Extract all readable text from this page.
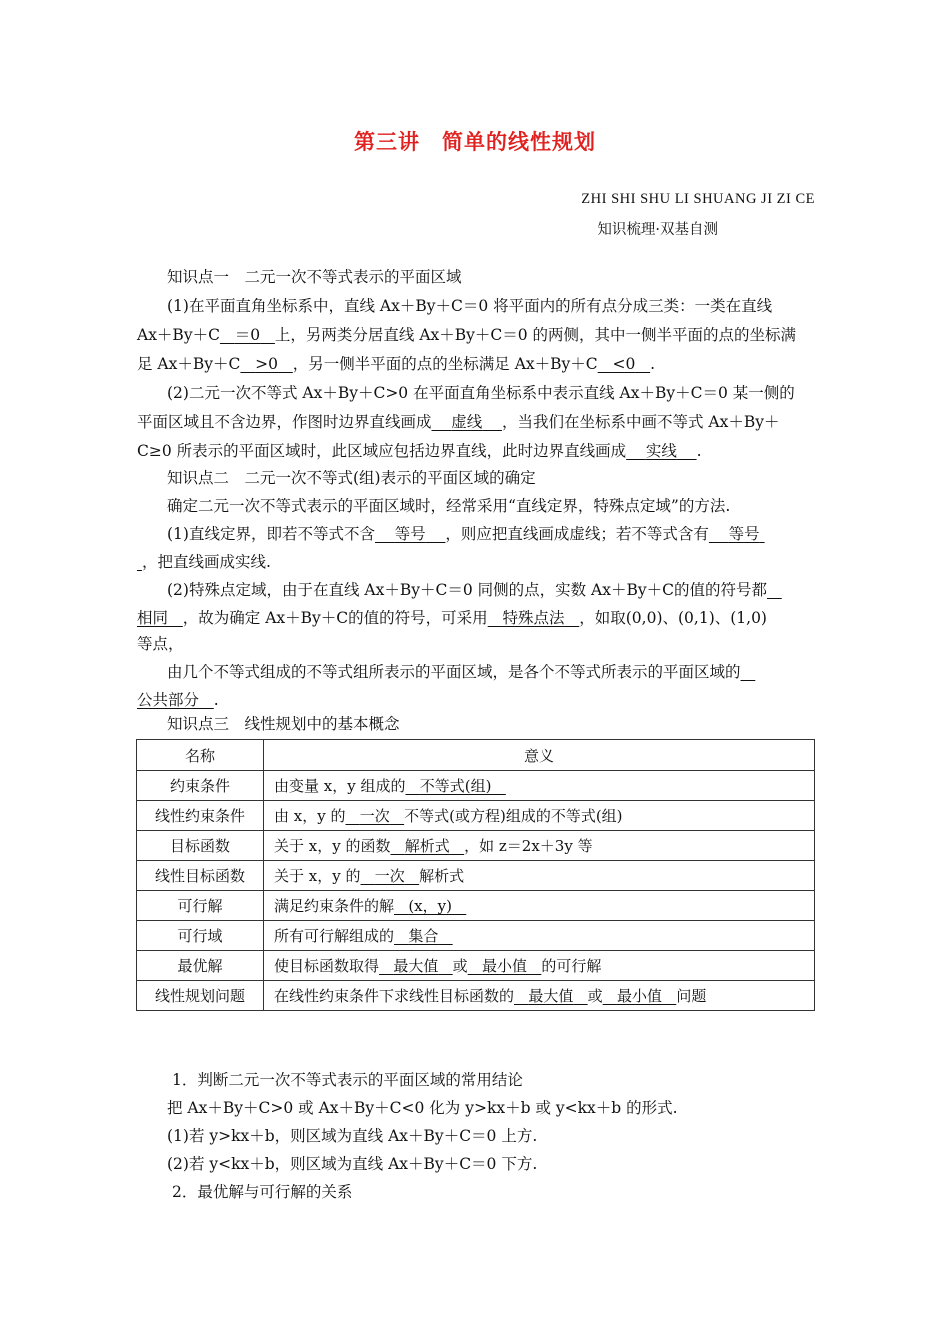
第三讲　简单的线性规划
ZHI SHI SHU LI SHUANG JI ZI CE
知识梳理·双基自测
知识点一　二元一次不等式表示的平面区域
(1)在平面直角坐标系中，直线 Ax＋By＋C＝0 将平面内的所有点分成三类：一类在直线
Ax＋By＋C ＝0 上，另两类分居直线 Ax＋By＋C＝0 的两侧，其中一侧半平面的点的坐标满
足 Ax＋By＋C >0 ，另一侧半平面的点的坐标满足 Ax＋By＋C <0 .
(2)二元一次不等式 Ax＋By＋C>0 在平面直角坐标系中表示直线 Ax＋By＋C＝0 某一侧的
平面区域且不含边界，作图时边界直线画成 虚线 ，当我们在坐标系中画不等式 Ax＋By＋
C≥0 所表示的平面区域时，此区域应包括边界直线，此时边界直线画成 实线 .
知识点二　二元一次不等式(组)表示的平面区域的确定
确定二元一次不等式表示的平面区域时，经常采用“直线定界，特殊点定域”的方法.
(1)直线定界，即若不等式不含 等号 ，则应把直线画成虚线；若不等式含有 等号
，把直线画成实线.
(2)特殊点定域，由于在直线 Ax＋By＋C＝0 同侧的点，实数 Ax＋By＋C的值的符号都
相同 ，故为确定 Ax＋By＋C的值的符号，可采用 特殊点法 ，如取(0,0)、(0,1)、(1,0)
等点，
由几个不等式组成的不等式组所表示的平面区域，是各个不等式所表示的平面区域的
公共部分 .
知识点三　线性规划中的基本概念
名称	意义
约束条件	由变量 x，y 组成的 不等式(组)
线性约束条件	由 x，y 的 一次 不等式(或方程)组成的不等式(组)
目标函数	关于 x，y 的函数 解析式 ，如 z＝2x＋3y 等
线性目标函数	关于 x，y 的 一次 解析式
可行解	满足约束条件的解 (x，y)
可行域	所有可行解组成的 集合
最优解	使目标函数取得 最大值 或 最小值 的可行解
线性规划问题	在线性约束条件下求线性目标函数的 最大值 或 最小值 问题
1．判断二元一次不等式表示的平面区域的常用结论
把 Ax＋By＋C>0 或 Ax＋By＋C<0 化为 y>kx＋b 或 y<kx＋b 的形式.
(1)若 y>kx＋b，则区域为直线 Ax＋By＋C＝0 上方.
(2)若 y<kx＋b，则区域为直线 Ax＋By＋C＝0 下方.
2．最优解与可行解的关系
